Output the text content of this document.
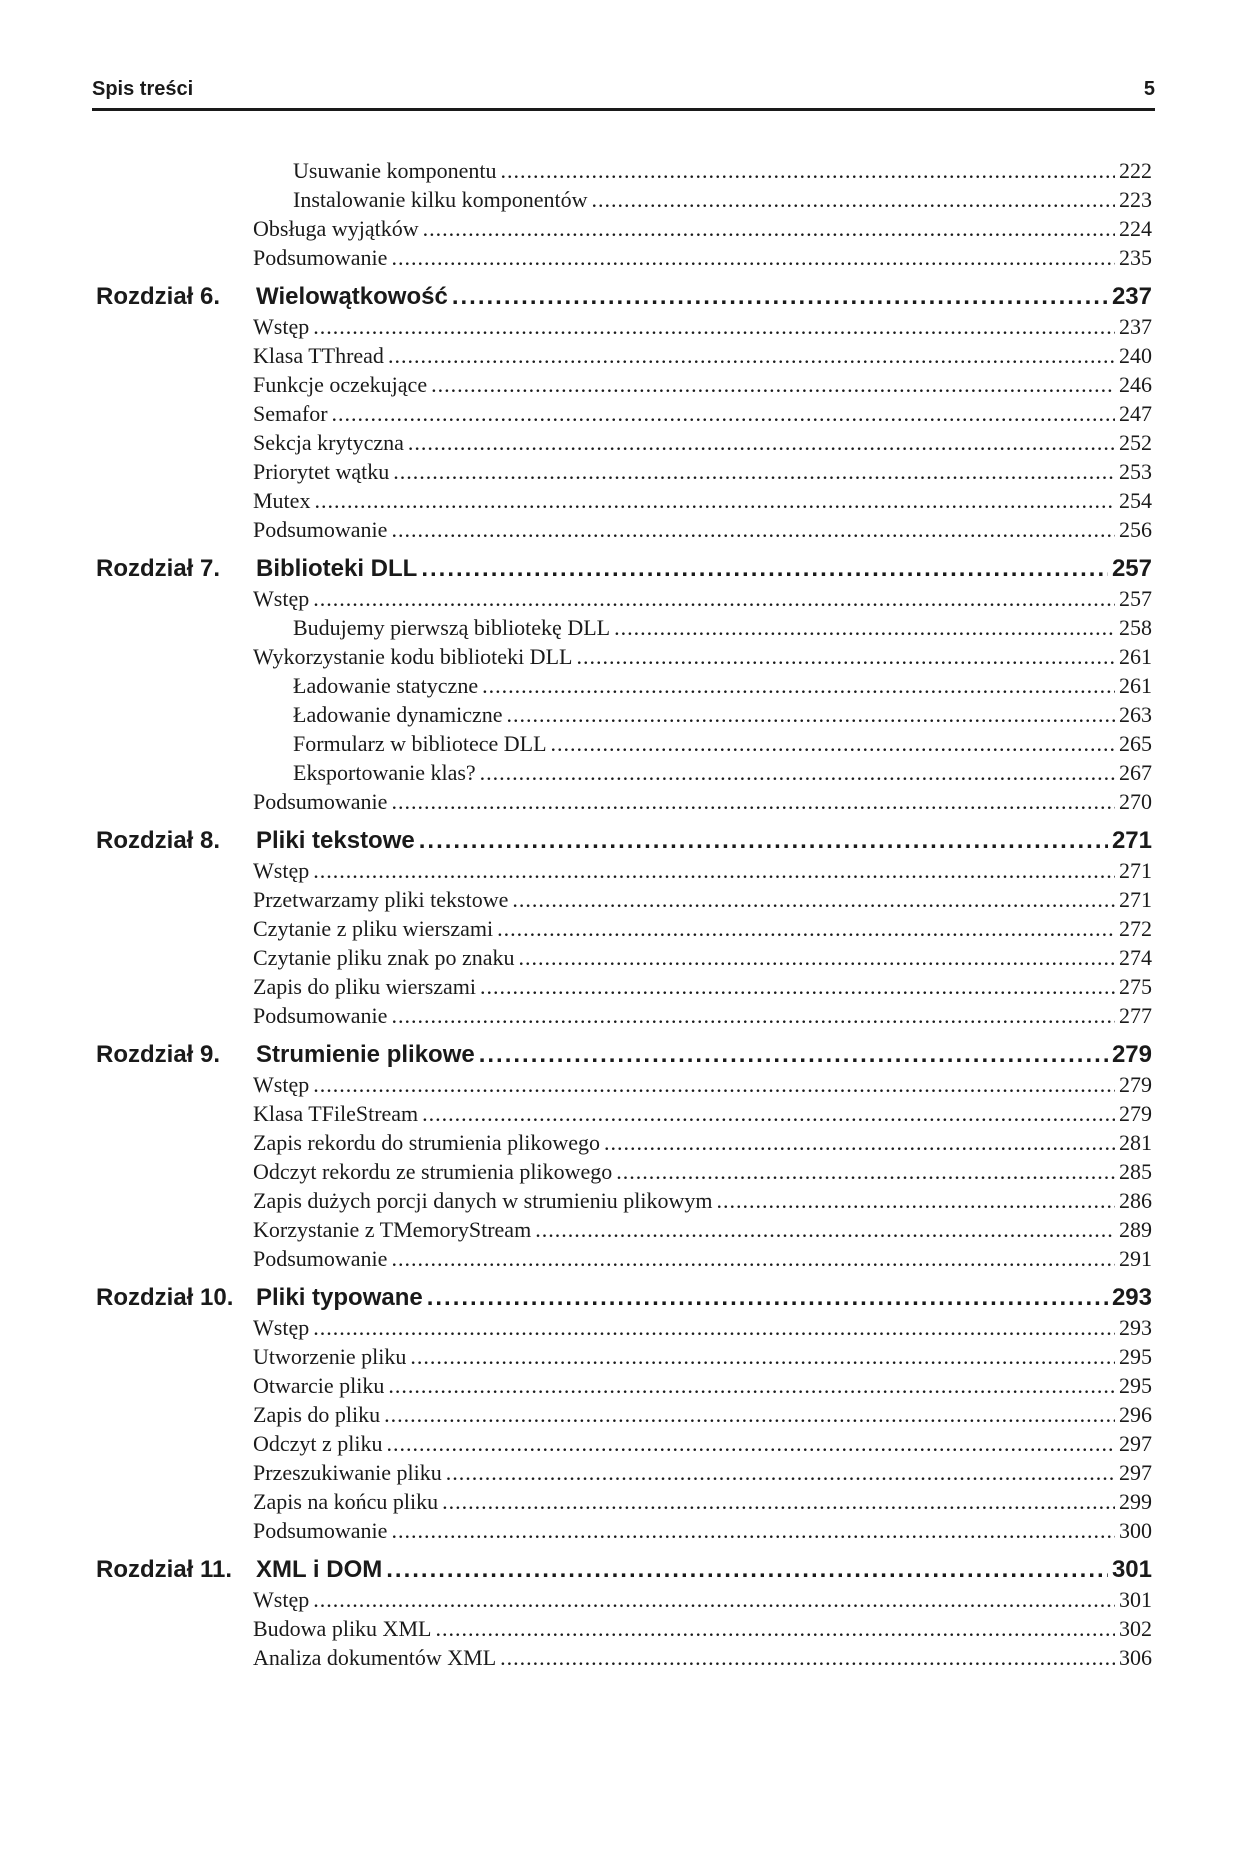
Spis treści	5
Usuwanie komponentu .....	222
Instalowanie kilku komponentów .....	223
Obsługa wyjątków .....	224
Podsumowanie .....	235
Rozdział 6. Wielowątkowość .....	237
Wstęp .....	237
Klasa TThread .....	240
Funkcje oczekujące .....	246
Semafor .....	247
Sekcja krytyczna .....	252
Priorytet wątku .....	253
Mutex .....	254
Podsumowanie .....	256
Rozdział 7. Biblioteki DLL .....	257
Wstęp .....	257
Budujemy pierwszą bibliotekę DLL .....	258
Wykorzystanie kodu biblioteki DLL .....	261
Ładowanie statyczne .....	261
Ładowanie dynamiczne .....	263
Formularz w bibliotece DLL .....	265
Eksportowanie klas? .....	267
Podsumowanie .....	270
Rozdział 8. Pliki tekstowe .....	271
Wstęp .....	271
Przetwarzamy pliki tekstowe .....	271
Czytanie z pliku wierszami .....	272
Czytanie pliku znak po znaku .....	274
Zapis do pliku wierszami .....	275
Podsumowanie .....	277
Rozdział 9. Strumienie plikowe .....	279
Wstęp .....	279
Klasa TFileStream .....	279
Zapis rekordu do strumienia plikowego .....	281
Odczyt rekordu ze strumienia plikowego .....	285
Zapis dużych porcji danych w strumieniu plikowym .....	286
Korzystanie z TMemoryStream .....	289
Podsumowanie .....	291
Rozdział 10. Pliki typowane .....	293
Wstęp .....	293
Utworzenie pliku .....	295
Otwarcie pliku .....	295
Zapis do pliku .....	296
Odczyt z pliku .....	297
Przeszukiwanie pliku .....	297
Zapis na końcu pliku .....	299
Podsumowanie .....	300
Rozdział 11. XML i DOM .....	301
Wstęp .....	301
Budowa pliku XML .....	302
Analiza dokumentów XML .....	306
